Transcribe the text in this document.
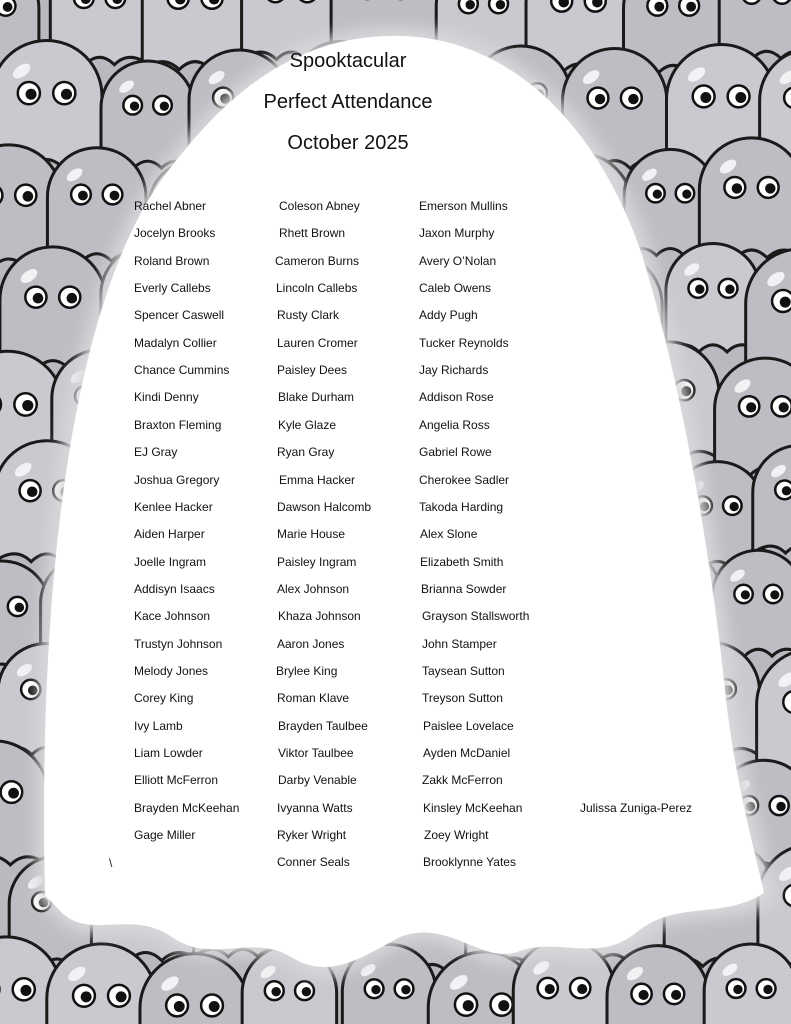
Spooktacular
Perfect Attendance
October 2025
Rachel Abner
Jocelyn Brooks
Roland Brown
Everly Callebs
Spencer Caswell
Madalyn Collier
Chance Cummins
Kindi Denny
Braxton Fleming
EJ Gray
Joshua Gregory
Kenlee Hacker
Aiden Harper
Joelle Ingram
Addisyn Isaacs
Kace Johnson
Trustyn Johnson
Melody Jones
Corey King
Ivy Lamb
Liam Lowder
Elliott McFerron
Brayden McKeehan
Gage Miller
Coleson Abney
Rhett Brown
Cameron Burns
Lincoln Callebs
Rusty Clark
Lauren Cromer
Paisley Dees
Blake Durham
Kyle Glaze
Ryan Gray
Emma Hacker
Dawson Halcomb
Marie House
Paisley Ingram
Alex Johnson
Khaza Johnson
Aaron Jones
Brylee King
Roman Klave
Brayden Taulbee
Viktor Taulbee
Darby Venable
Ivyanna Watts
Ryker Wright
Conner Seals
Emerson Mullins
Jaxon Murphy
Avery O’Nolan
Caleb Owens
Addy Pugh
Tucker Reynolds
Jay Richards
Addison Rose
Angelia Ross
Gabriel Rowe
Cherokee Sadler
Takoda Harding
Alex Slone
Elizabeth Smith
Brianna Sowder
Grayson Stallsworth
John Stamper
Taysean Sutton
Treyson Sutton
Paislee Lovelace
Ayden McDaniel
Zakk McFerron
Kinsley McKeehan
Zoey Wright
Brooklynne Yates
Julissa Zuniga-Perez
\
